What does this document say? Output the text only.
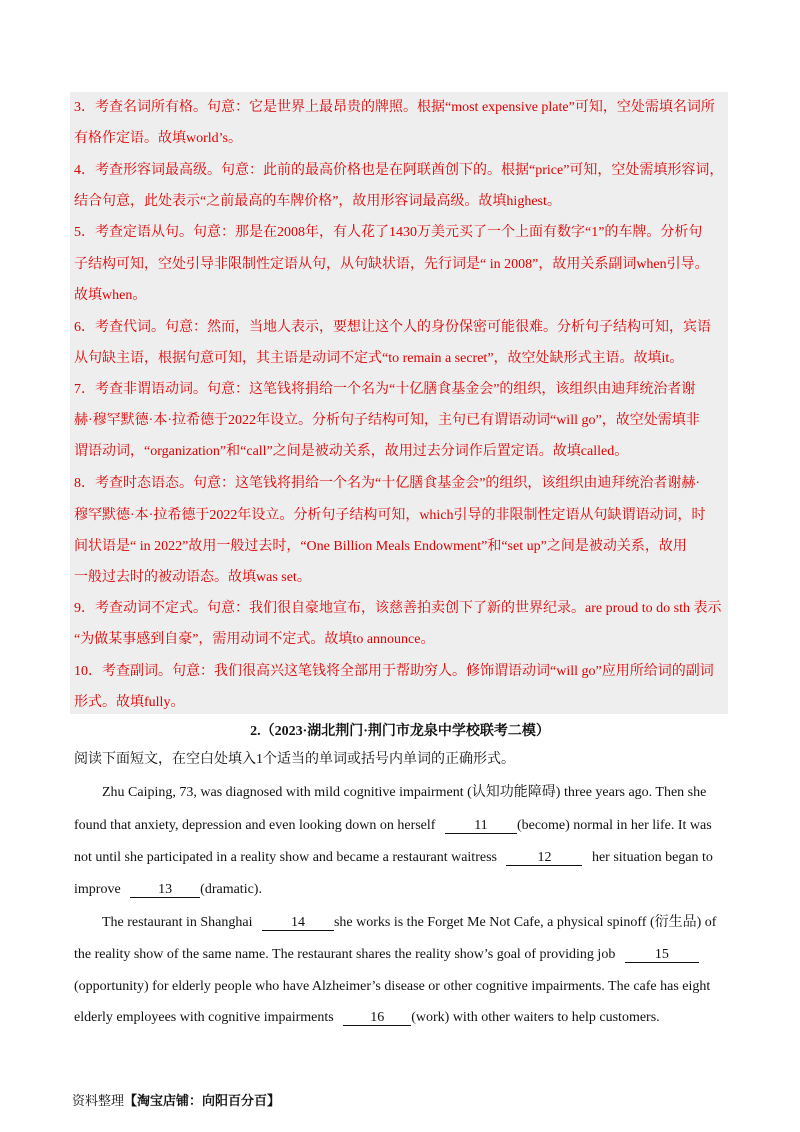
3．考查名词所有格。句意：它是世界上最昂贵的牌照。根据“most expensive plate”可知，空处需填名词所
有格作定语。故填world’s。
4．考查形容词最高级。句意：此前的最高价格也是在阿联酋创下的。根据“price”可知，空处需填形容词，
结合句意，此处表示“之前最高的车牌价格”，故用形容词最高级。故填highest。
5．考查定语从句。句意：那是在2008年，有人花了1430万美元买了一个上面有数字“1”的车牌。分析句
子结构可知，空处引导非限制性定语从句，从句缺状语，先行词是“ in 2008”，故用关系副词when引导。
故填when。
6．考查代词。句意：然而，当地人表示，要想让这个人的身份保密可能很难。分析句子结构可知，宾语
从句缺主语，根据句意可知，其主语是动词不定式“to remain a secret”，故空处缺形式主语。故填it。
7．考查非谓语动词。句意：这笔钱将捐给一个名为“十亿膳食基金会”的组织，该组织由迪拜统治者谢
赫·穆罕默德·本·拉希德于2022年设立。分析句子结构可知，主句已有谓语动词“will go”，故空处需填非
谓语动词，“organization”和“call”之间是被动关系，故用过去分词作后置定语。故填called。
8．考查时态语态。句意：这笔钱将捐给一个名为“十亿膳食基金会”的组织，该组织由迪拜统治者谢赫·
穆罕默德·本·拉希德于2022年设立。分析句子结构可知，which引导的非限制性定语从句缺谓语动词，时
间状语是“ in 2022”故用一般过去时，“One Billion Meals Endowment”和“set up”之间是被动关系，故用
一般过去时的被动语态。故填was set。
9．考查动词不定式。句意：我们很自豪地宣布，该慈善拍卖创下了新的世界纪录。are proud to do sth 表示
“为做某事感到自豪”，需用动词不定式。故填to announce。
10．考查副词。句意：我们很高兴这笔钱将全部用于帮助穷人。修饰谓语动词“will go”应用所给词的副词
形式。故填fully。
2.（2023·湖北荆门·荆门市龙泉中学校联考二模）
阅读下面短文，在空白处填入1个适当的单词或括号内单词的正确形式。
Zhu Caiping, 73, was diagnosed with mild cognitive impairment (认知功能障碍) three years ago. Then she
found that anxiety, depression and even looking down on herself	11 (become) normal in her life. It was
not until she participated in a reality show and became a restaurant waitress	12	her situation began to
improve	13 (dramatic).
The restaurant in Shanghai	14 she works is the Forget Me Not Cafe, a physical spinoff (衍生品) of
the reality show of the same name. The restaurant shares the reality show’s goal of providing job	15
(opportunity) for elderly people who have Alzheimer’s disease or other cognitive impairments. The cafe has eight
elderly employees with cognitive impairments	16 (work) with other waiters to help customers.
资料整理【淘宝店铺：向阳百分百】
